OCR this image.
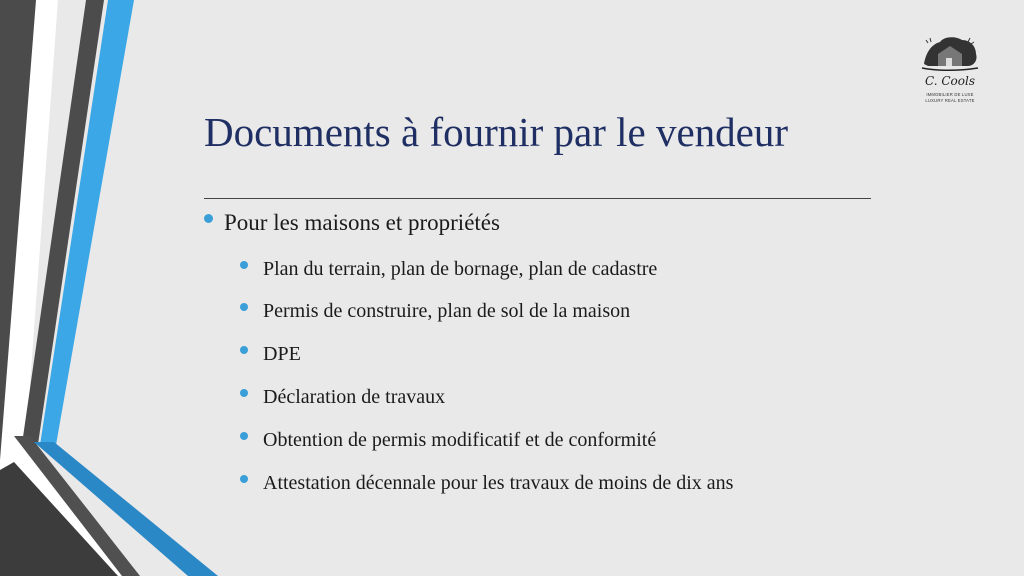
C. Cools
IMMOBILIER DE LUXE
LUXURY REAL ESTATE
Documents à fournir par le vendeur
Pour les maisons et propriétés
Plan du terrain, plan de bornage, plan de cadastre
Permis de construire, plan de sol de la maison
DPE
Déclaration de travaux
Obtention de permis modificatif et de conformité
Attestation décennale pour les travaux de moins de dix ans
